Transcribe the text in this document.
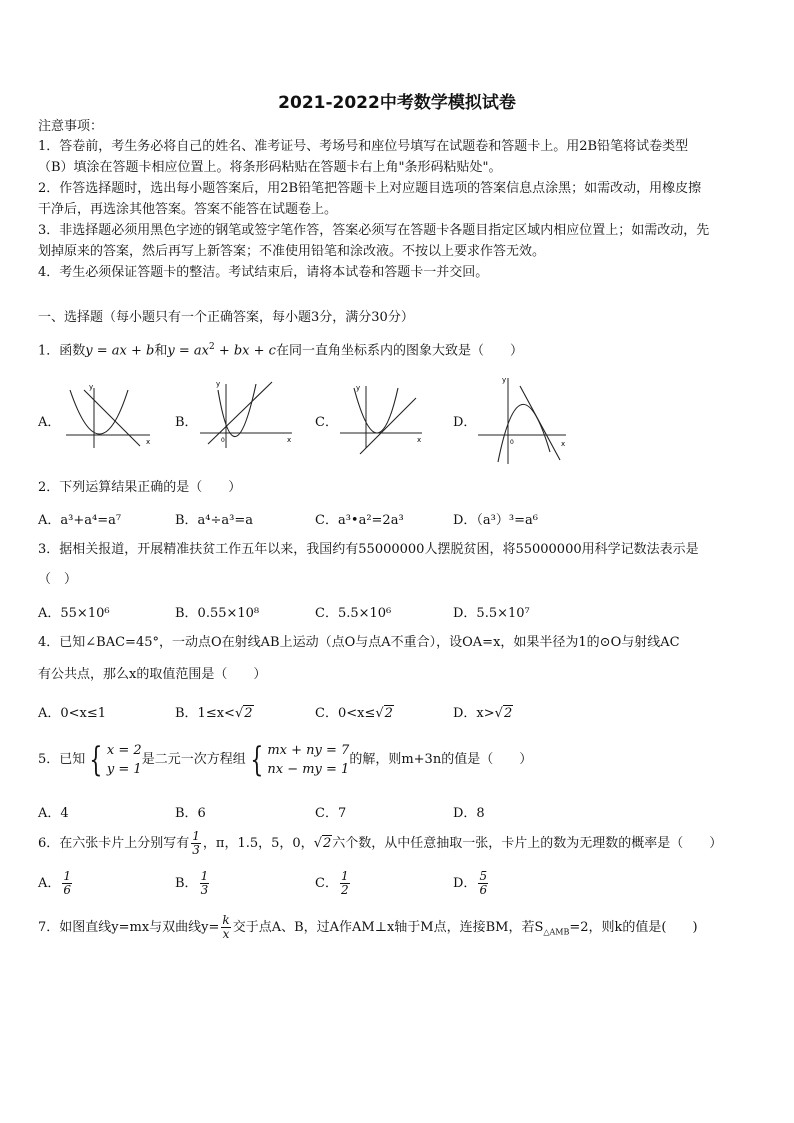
2021-2022中考数学模拟试卷
注意事项：
1．答卷前，考生务必将自己的姓名、准考证号、考场号和座位号填写在试题卷和答题卡上。用2B铅笔将试卷类型
（B）填涂在答题卡相应位置上。将条形码粘贴在答题卡右上角"条形码粘贴处"。
2．作答选择题时，选出每小题答案后，用2B铅笔把答题卡上对应题目选项的答案信息点涂黑；如需改动，用橡皮擦
干净后，再选涂其他答案。答案不能答在试题卷上。
3．非选择题必须用黑色字迹的钢笔或签字笔作答，答案必须写在答题卡各题目指定区域内相应位置上；如需改动，先
划掉原来的答案，然后再写上新答案；不准使用铅笔和涂改液。不按以上要求作答无效。
4．考生必须保证答题卡的整洁。考试结束后，请将本试卷和答题卡一并交回。
一、选择题（每小题只有一个正确答案，每小题3分，满分30分）
1．函数y = ax + b和$y = ax^2$ + bx + c在同一直角坐标系内的图象大致是（　　）
A．	B．	C．	D．
x
y
x
y
0	x
y
x
y
0
2．下列运算结果正确的是（　　）
A．a³+a⁴=a⁷	B．a⁴÷a³=a	C．a³•a²=2a³	D．（a³）³=a⁶
3．据相关报道，开展精准扶贫工作五年以来，我国约有55000000人摆脱贫困，将55000000用科学记数法表示是
（　）
A．55×10⁶	B．0.55×10⁸	C．5.5×10⁶	D．5.5×10⁷
4．已知∠BAC=45°，一动点O在射线AB上运动（点O与点A不重合），设OA=x，如果半径为1的⊙O与射线AC
有公共点，那么x的取值范围是（　　）
A．0<x≤1	B．1≤x<√2	C．0<x≤√2	D．x>√2
5．已知 { x = 2
y = 1
是二元一次方程组 { mx + ny = 7
nx − my = 1
的解，则m+3n的值是（　　）
A．4	B．6	C．7	D．8
6．在六张卡片上分别写有 $\frac{1}{3}$ ，π，1.5，5，0，√2六个数，从中任意抽取一张，卡片上的数为无理数的概率是（　　）
A． $\frac{1}{6}$	B． $\frac{1}{3}$	C． $\frac{1}{2}$	D． $\frac{5}{6}$
7．如图直线y=mx与双曲线$y= \frac{k}{x}$ 交于点A、B，过A作AM⊥x轴于M点，连接BM，若$S_{\triangle AMB}=2$，则k的值是(　　)
